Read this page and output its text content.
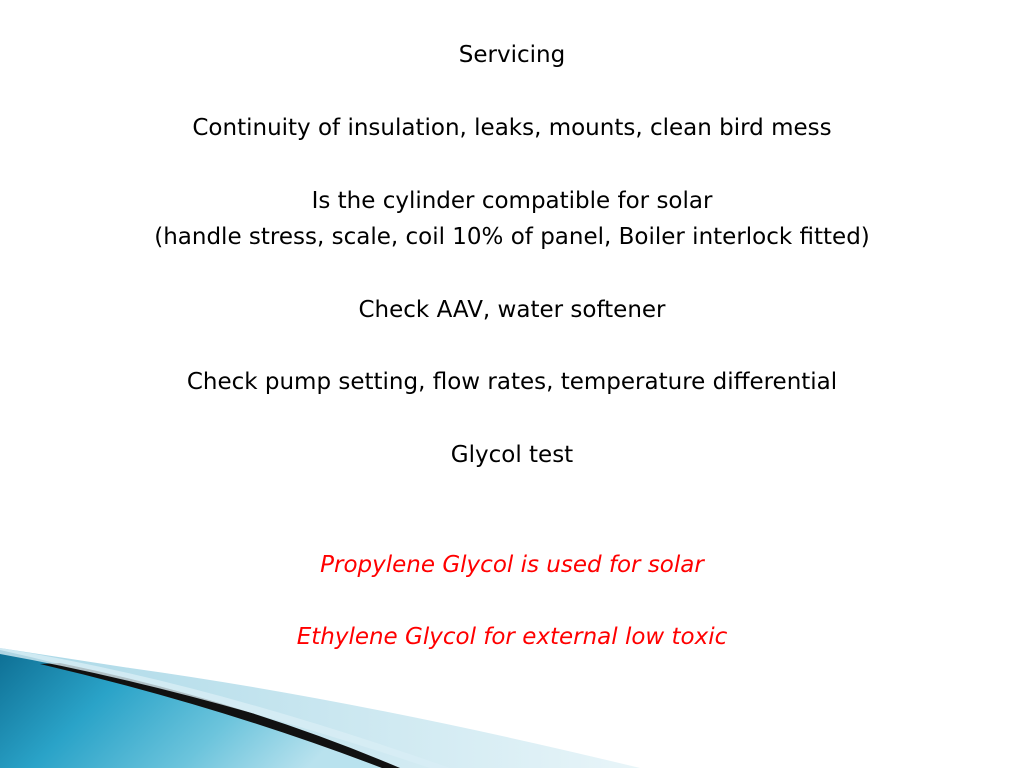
Servicing
Continuity of insulation, leaks, mounts, clean bird mess
Is the cylinder compatible for solar
(handle stress, scale, coil 10% of panel, Boiler interlock fitted)
Check AAV, water softener
Check pump setting, flow rates, temperature differential
Glycol test
Propylene Glycol is used for solar
Ethylene Glycol for external low toxic
